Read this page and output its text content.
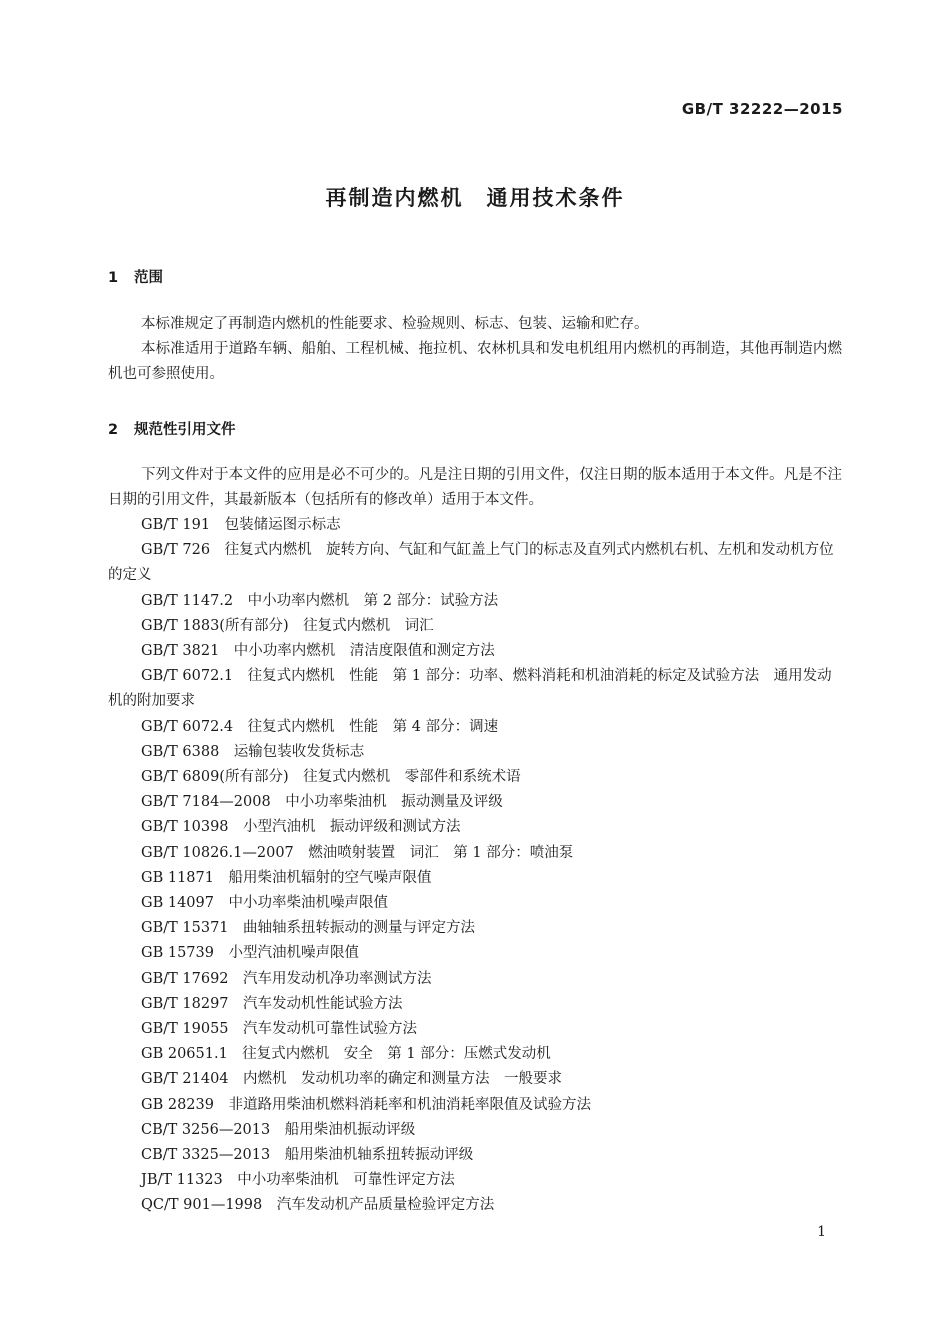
GB/T 32222—2015
再制造内燃机　通用技术条件
1 范围

本标准规定了再制造内燃机的性能要求、检验规则、标志、包装、运输和贮存。

本标准适用于道路车辆、船舶、工程机械、拖拉机、农林机具和发电机组用内燃机的再制造，其他再制造内燃机也可参照使用。

2 规范性引用文件

下列文件对于本文件的应用是必不可少的。凡是注日期的引用文件，仅注日期的版本适用于本文件。凡是不注日期的引用文件，其最新版本（包括所有的修改单）适用于本文件。

GB/T 191　包装储运图示标志
GB/T 726　往复式内燃机　旋转方向、气缸和气缸盖上气门的标志及直列式内燃机右机、左机和发动机方位的定义
GB/T 1147.2　中小功率内燃机　第 2 部分：试验方法
GB/T 1883(所有部分)　往复式内燃机　词汇
GB/T 3821　中小功率内燃机　清洁度限值和测定方法
GB/T 6072.1　往复式内燃机　性能　第 1 部分：功率、燃料消耗和机油消耗的标定及试验方法　通用发动机的附加要求
GB/T 6072.4　往复式内燃机　性能　第 4 部分：调速
GB/T 6388　运输包装收发货标志
GB/T 6809(所有部分)　往复式内燃机　零部件和系统术语
GB/T 7184—2008　中小功率柴油机　振动测量及评级
GB/T 10398　小型汽油机　振动评级和测试方法
GB/T 10826.1—2007　燃油喷射装置　词汇　第 1 部分：喷油泵
GB 11871　船用柴油机辐射的空气噪声限值
GB 14097　中小功率柴油机噪声限值
GB/T 15371　曲轴轴系扭转振动的测量与评定方法
GB 15739　小型汽油机噪声限值
GB/T 17692　汽车用发动机净功率测试方法
GB/T 18297　汽车发动机性能试验方法
GB/T 19055　汽车发动机可靠性试验方法
GB 20651.1　往复式内燃机　安全　第 1 部分：压燃式发动机
GB/T 21404　内燃机　发动机功率的确定和测量方法　一般要求
GB 28239　非道路用柴油机燃料消耗率和机油消耗率限值及试验方法
CB/T 3256—2013　船用柴油机振动评级
CB/T 3325—2013　船用柴油机轴系扭转振动评级
JB/T 11323　中小功率柴油机　可靠性评定方法
QC/T 901—1998　汽车发动机产品质量检验评定方法
1
